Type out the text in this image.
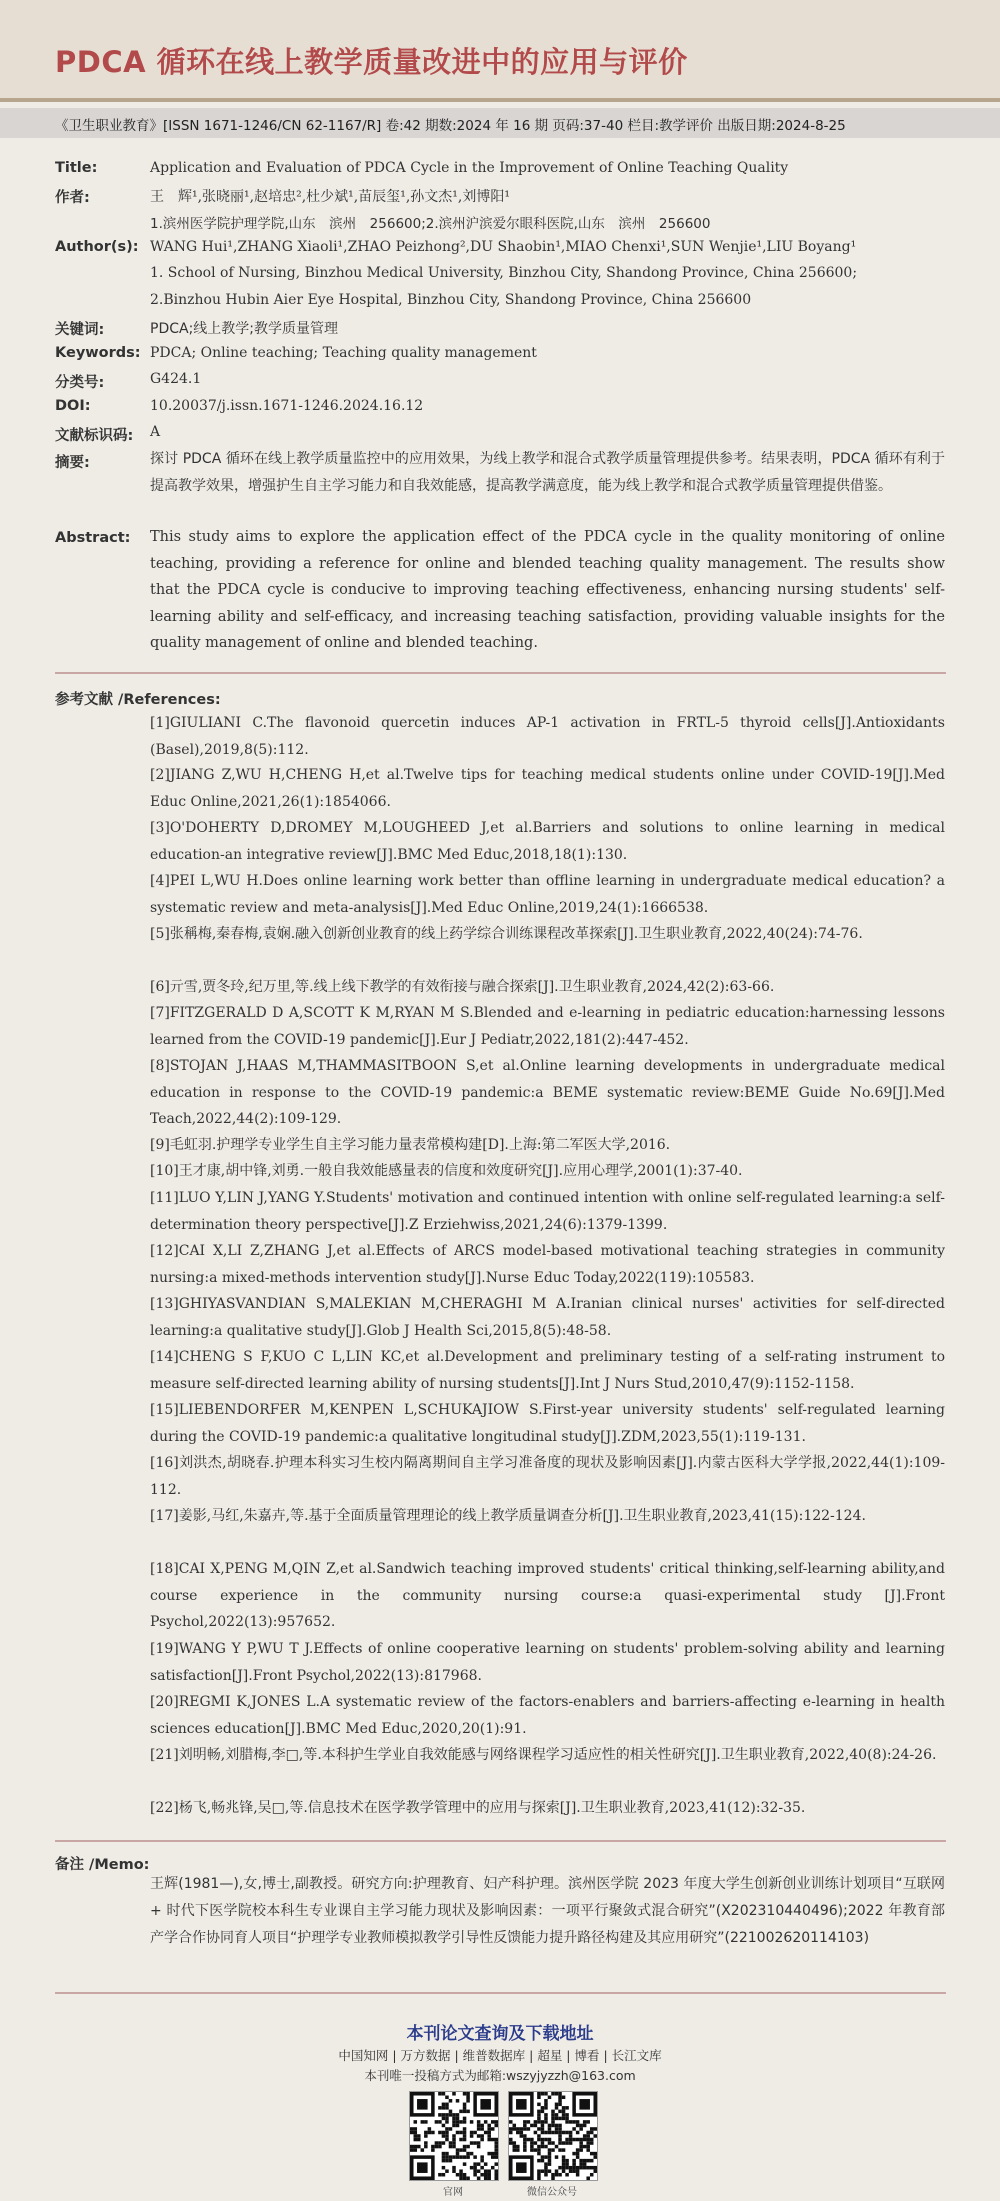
PDCA 循环在线上教学质量改进中的应用与评价
《卫生职业教育》[ISSN 1671-1246/CN 62-1167/R] 卷:42 期数:2024 年 16 期 页码:37-40 栏目:教学评价 出版日期:2024-8-25
Title:	Application and Evaluation of PDCA Cycle in the Improvement of Online Teaching Quality
作者:	王　辉¹,张晓丽¹,赵培忠²,杜少斌¹,苗辰玺¹,孙文杰¹,刘博阳¹
1.滨州医学院护理学院,山东　滨州　256600;2.滨州沪滨爱尔眼科医院,山东　滨州　256600
Author(s): WANG Hui¹,ZHANG Xiaoli¹,ZHAO Peizhong²,DU Shaobin¹,MIAO Chenxi¹,SUN Wenjie¹,LIU Boyang¹
1. School of Nursing, Binzhou Medical University, Binzhou City, Shandong Province, China 256600;
2.Binzhou Hubin Aier Eye Hospital, Binzhou City, Shandong Province, China 256600
关键词:	PDCA;线上教学;教学质量管理
Keywords: PDCA; Online teaching; Teaching quality management
分类号:	G424.1
DOI:	10.20037/j.issn.1671-1246.2024.16.12
文献标识码: A
摘要:	探讨 PDCA 循环在线上教学质量监控中的应用效果，为线上教学和混合式教学质量管理提供参考。结果表明，PDCA 循环有利于提高教学效果，增强护生自主学习能力和自我效能感，提高教学满意度，能为线上教学和混合式教学质量管理提供借鉴。
Abstract: This study aims to explore the application effect of the PDCA cycle in the quality monitoring of online teaching, providing a reference for online and blended teaching quality management. The results show that the PDCA cycle is conducive to improving teaching effectiveness, enhancing nursing students' self-learning ability and self-efficacy, and increasing teaching satisfaction, providing valuable insights for the quality management of online and blended teaching.
参考文献 /References:
[1]GIULIANI C.The flavonoid quercetin induces AP-1 activation in FRTL-5 thyroid cells[J].Antioxidants (Basel),2019,8(5):112.
[2]JIANG Z,WU H,CHENG H,et al.Twelve tips for teaching medical students online under COVID-19[J].Med Educ Online,2021,26(1):1854066.
[3]O'DOHERTY D,DROMEY M,LOUGHEED J,et al.Barriers and solutions to online learning in medical education-an integrative review[J].BMC Med Educ,2018,18(1):130.
[4]PEI L,WU H.Does online learning work better than offline learning in undergraduate medical education? a systematic review and meta-analysis[J].Med Educ Online,2019,24(1):1666538.
[5]张稱梅,秦春梅,袁娴.融入创新创业教育的线上药学综合训练课程改革探索[J].卫生职业教育,2022,40(24):74-76.
[6]亓雪,贾冬玲,纪万里,等.线上线下教学的有效衔接与融合探索[J].卫生职业教育,2024,42(2):63-66.
[7]FITZGERALD D A,SCOTT K M,RYAN M S.Blended and e-learning in pediatric education:harnessing lessons learned from the COVID-19 pandemic[J].Eur J Pediatr,2022,181(2):447-452.
[8]STOJAN J,HAAS M,THAMMASITBOON S,et al.Online learning developments in undergraduate medical education in response to the COVID-19 pandemic:a BEME systematic review:BEME Guide No.69[J].Med Teach,2022,44(2):109-129.
[9]毛虹羽.护理学专业学生自主学习能力量表常模构建[D].上海:第二军医大学,2016.
[10]王才康,胡中锋,刘勇.一般自我效能感量表的信度和效度研究[J].应用心理学,2001(1):37-40.
[11]LUO Y,LIN J,YANG Y.Students' motivation and continued intention with online self-regulated learning:a self-determination theory perspective[J].Z Erziehwiss,2021,24(6):1379-1399.
[12]CAI X,LI Z,ZHANG J,et al.Effects of ARCS model-based motivational teaching strategies in community nursing:a mixed-methods intervention study[J].Nurse Educ Today,2022(119):105583.
[13]GHIYASVANDIAN S,MALEKIAN M,CHERAGHI M A.Iranian clinical nurses' activities for self-directed learning:a qualitative study[J].Glob J Health Sci,2015,8(5):48-58.
[14]CHENG S F,KUO C L,LIN KC,et al.Development and preliminary testing of a self-rating instrument to measure self-directed learning ability of nursing students[J].Int J Nurs Stud,2010,47(9):1152-1158.
[15]LIEBENDORFER M,KENPEN L,SCHUKAJIOW S.First-year university students' self-regulated learning during the COVID-19 pandemic:a qualitative longitudinal study[J].ZDM,2023,55(1):119-131.
[16]刘洪杰,胡晓春.护理本科实习生校内隔离期间自主学习准备度的现状及影响因素[J].内蒙古医科大学学报,2022,44(1):109-112.
[17]姜影,马红,朱嘉卉,等.基于全面质量管理理论的线上教学质量调查分析[J].卫生职业教育,2023,41(15):122-124.
[18]CAI X,PENG M,QIN Z,et al.Sandwich teaching improved students' critical thinking,self-learning ability,and course experience in the community nursing course:a quasi-experimental study [J].Front Psychol,2022(13):957652.
[19]WANG Y P,WU T J.Effects of online cooperative learning on students' problem-solving ability and learning satisfaction[J].Front Psychol,2022(13):817968.
[20]REGMI K,JONES L.A systematic review of the factors-enablers and barriers-affecting e-learning in health sciences education[J].BMC Med Educ,2020,20(1):91.
[21]刘明畅,刘腊梅,李□,等.本科护生学业自我效能感与网络课程学习适应性的相关性研究[J].卫生职业教育,2022,40(8):24-26.
[22]杨飞,畅兆锋,吴□,等.信息技术在医学教学管理中的应用与探索[J].卫生职业教育,2023,41(12):32-35.
备注 /Memo:
王辉(1981—),女,博士,副教授。研究方向:护理教育、妇产科护理。滨州医学院 2023 年度大学生创新创业训练计划项目“互联网 + 时代下医学院校本科生专业课自主学习能力现状及影响因素：一项平行聚敛式混合研究”(X202310440496);2022 年教育部产学合作协同育人项目“护理学专业教师模拟教学引导性反馈能力提升路径构建及其应用研究”(221002620114103)
本刊论文查询及下载地址
中国知网 | 万方数据 | 维普数据库 | 超星 | 博看 | 长江文库
本刊唯一投稿方式为邮箱:wszyjyzzh@163.com
官网	微信公众号
